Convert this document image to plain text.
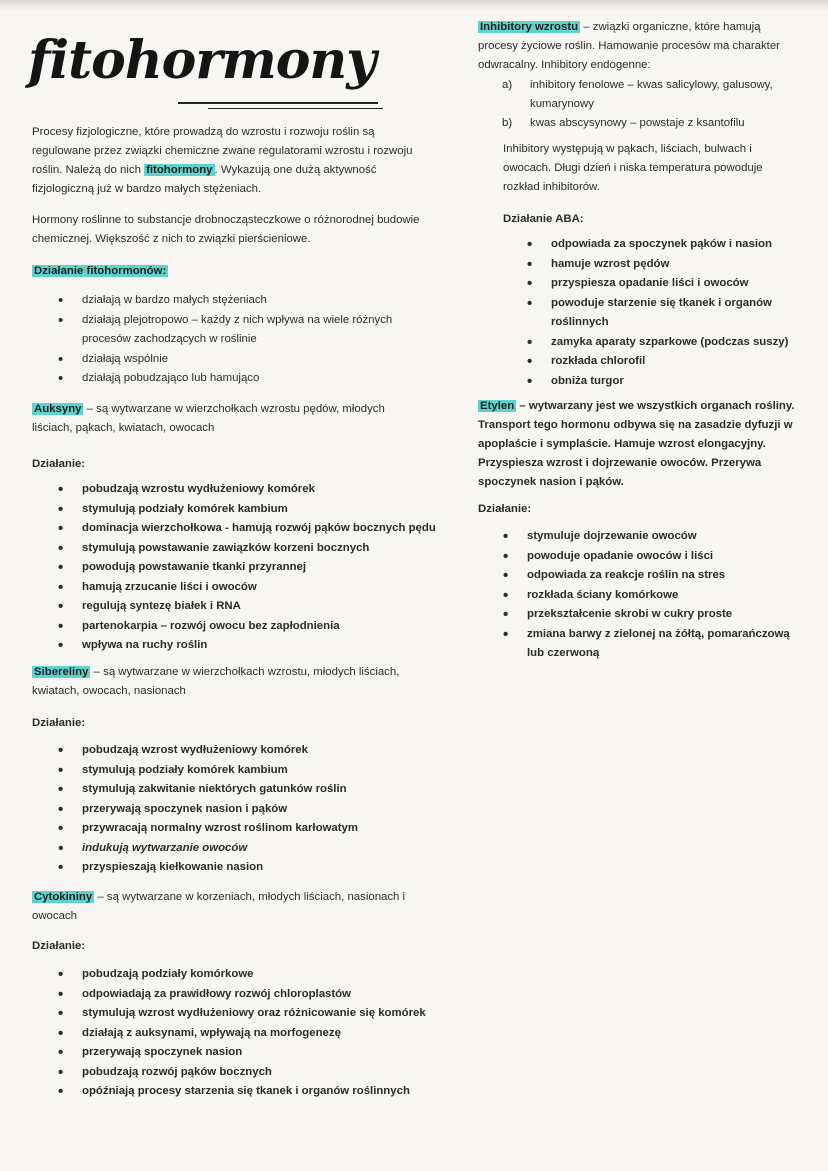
fitohormony

Procesy fizjologiczne, które prowadzą do wzrostu i rozwoju roślin są regulowane przez związki chemiczne zwane regulatorami wzrostu i rozwoju roślin. Należą do nich fitohormony . Wykazują one dużą aktywność fizjologiczną już w bardzo małych stężeniach.

Hormony roślinne to substancje drobnocząsteczkowe o różnorodnej budowie chemicznej. Większość z nich to związki pierścieniowe.

Działanie fitohormonów:

• działają w bardzo małych stężeniach
• działają plejotropowo – każdy z nich wpływa na wiele różnych procesów zachodzących w roślinie
• działają wspólnie
• działają pobudzająco lub hamująco

Auksyny – są wytwarzane w wierzchołkach wzrostu pędów, młodych liściach, pąkach, kwiatach, owocach

Działanie:

• pobudzają wzrostu wydłużeniowy komórek
• stymulują podziały komórek kambium
• dominacja wierzchołkowa - hamują rozwój pąków bocznych pędu
• stymulują powstawanie zawiązków korzeni bocznych
• powodują powstawanie tkanki przyrannej
• hamują zrzucanie liści i owoców
• regulują syntezę białek i RNA
• partenokarpia – rozwój owocu bez zapłodnienia
• wpływa na ruchy roślin

Sibereliny – są wytwarzane w wierzchołkach wzrostu, młodych liściach, kwiatach, owocach, nasionach

Działanie:

• pobudzają wzrost wydłużeniowy komórek
• stymulują podziały komórek kambium
• stymulują zakwitanie niektórych gatunków roślin
• przerywają spoczynek nasion i pąków
• przywracają normalny wzrost roślinom karłowatym
• indukują wytwarzanie owoców
• przyspieszają kiełkowanie nasion

Cytokininy – są wytwarzane w korzeniach, młodych liściach, nasionach i owocach

Działanie:

• pobudzają podziały komórkowe
• odpowiadają za prawidłowy rozwój chloroplastów
• stymulują wzrost wydłużeniowy oraz różnicowanie się komórek
• działają z auksynami, wpływają na morfogenezę
• przerywają spoczynek nasion
• pobudzają rozwój pąków bocznych
• opóźniają procesy starzenia się tkanek i organów roślinnych

Inhibitory wzrostu – związki organiczne, które hamują procesy życiowe roślin. Hamowanie procesów ma charakter odwracalny. Inhibitory endogenne:

a) inhibitory fenolowe – kwas salicylowy, galusowy, kumarynowy
b) kwas abscysynowy – powstaje z ksantofilu

Inhibitory występują w pąkach, liściach, bulwach i owocach. Długi dzień i niska temperatura powoduje rozkład inhibitorów.

Działanie ABA:

• odpowiada za spoczynek pąków i nasion
• hamuje wzrost pędów
• przyspiesza opadanie liści i owoców
• powoduje starzenie się tkanek i organów roślinnych
• zamyka aparaty szparkowe (podczas suszy)
• rozkłada chlorofil
• obniża turgor

Etylen – wytwarzany jest we wszystkich organach rośliny. Transport tego hormonu odbywa się na zasadzie dyfuzji w apoplaście i symplaście. Hamuje wzrost elongacyjny. Przyspiesza wzrost i dojrzewanie owoców. Przerywa spoczynek nasion i pąków.

Działanie:

• stymuluje dojrzewanie owoców
• powoduje opadanie owoców i liści
• odpowiada za reakcje roślin na stres
• rozkłada ściany komórkowe
• przekształcenie skrobi w cukry proste
• zmiana barwy z zielonej na żółtą, pomarańczową lub czerwoną
